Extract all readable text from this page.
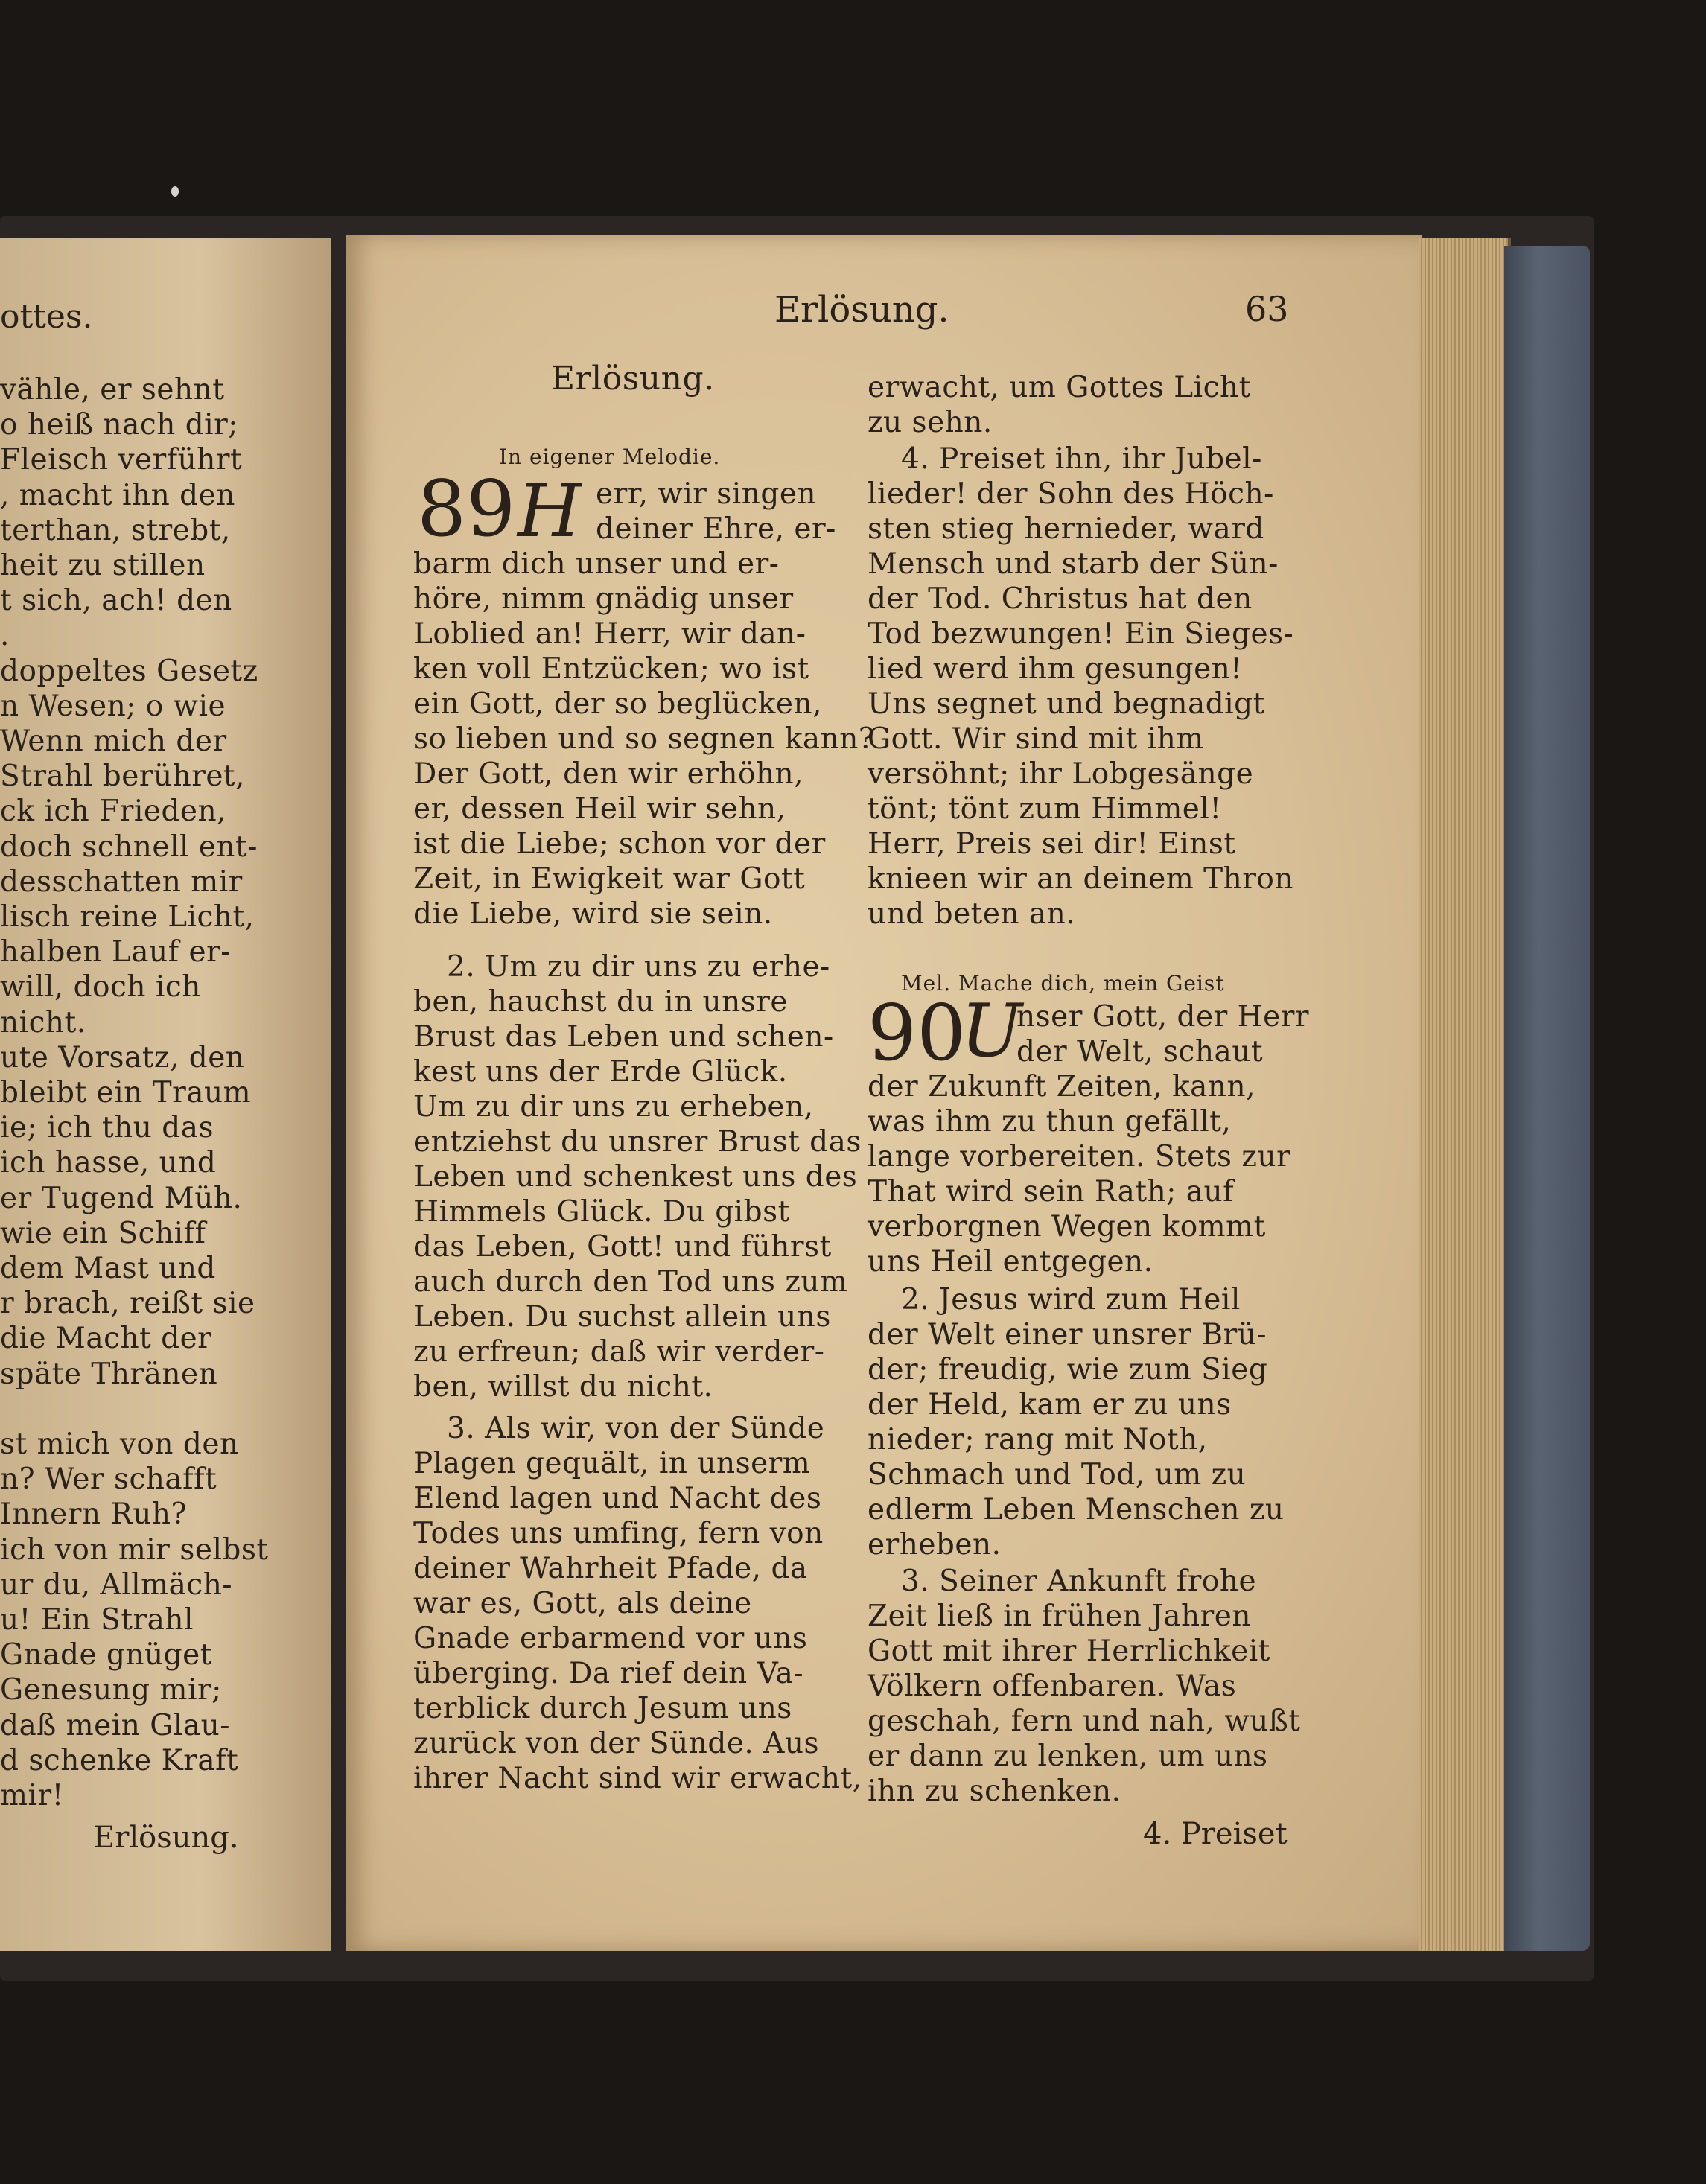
ottes.
vähle, er sehnt
o heiß nach dir;
Fleisch verführt
, macht ihn den
terthan, strebt,
heit zu stillen
t sich, ach! den
.
doppeltes Gesetz
n Wesen; o wie
Wenn mich der
Strahl berühret,
ck ich Frieden,
doch schnell ent-
desschatten mir
lisch reine Licht,
halben Lauf er-
will, doch ich
nicht.
ute Vorsatz, den
bleibt ein Traum
ie; ich thu das
ich hasse, und
er Tugend Müh.
wie ein Schiff
dem Mast und
r brach, reißt sie
die Macht der
späte Thränen
st mich von den
n? Wer schafft
Innern Ruh?
ich von mir selbst
ur du, Allmäch-
u! Ein Strahl
Gnade gnüget
Genesung mir;
daß mein Glau-
d schenke Kraft
mir!
Erlösung.
Erlösung.	63
Erlösung.
In eigener Melodie.
89 H err, wir singen
deiner Ehre, er-
barm dich unser und er-
höre, nimm gnädig unser
Loblied an! Herr, wir dan-
ken voll Entzücken; wo ist
ein Gott, der so beglücken,
so lieben und so segnen kann?
Der Gott, den wir erhöhn,
er, dessen Heil wir sehn,
ist die Liebe; schon vor der
Zeit, in Ewigkeit war Gott
die Liebe, wird sie sein.
2. Um zu dir uns zu erhe-
ben, hauchst du in unsre
Brust das Leben und schen-
kest uns der Erde Glück.
Um zu dir uns zu erheben,
entziehst du unsrer Brust das
Leben und schenkest uns des
Himmels Glück. Du gibst
das Leben, Gott! und führst
auch durch den Tod uns zum
Leben. Du suchst allein uns
zu erfreun; daß wir verder-
ben, willst du nicht.
3. Als wir, von der Sünde
Plagen gequält, in unserm
Elend lagen und Nacht des
Todes uns umfing, fern von
deiner Wahrheit Pfade, da
war es, Gott, als deine
Gnade erbarmend vor uns
überging. Da rief dein Va-
terblick durch Jesum uns
zurück von der Sünde. Aus
ihrer Nacht sind wir erwacht,
erwacht, um Gottes Licht
zu sehn.
4. Preiset ihn, ihr Jubel-
lieder! der Sohn des Höch-
sten stieg hernieder, ward
Mensch und starb der Sün-
der Tod. Christus hat den
Tod bezwungen! Ein Sieges-
lied werd ihm gesungen!
Uns segnet und begnadigt
Gott. Wir sind mit ihm
versöhnt; ihr Lobgesänge
tönt; tönt zum Himmel!
Herr, Preis sei dir! Einst
knieen wir an deinem Thron
und beten an.
Mel. Mache dich, mein Geist
90
U
nser Gott, der Herr
der Welt, schaut
der Zukunft Zeiten, kann,
was ihm zu thun gefällt,
lange vorbereiten. Stets zur
That wird sein Rath; auf
verborgnen Wegen kommt
uns Heil entgegen.
2. Jesus wird zum Heil
der Welt einer unsrer Brü-
der; freudig, wie zum Sieg
der Held, kam er zu uns
nieder; rang mit Noth,
Schmach und Tod, um zu
edlerm Leben Menschen zu
erheben.
3. Seiner Ankunft frohe
Zeit ließ in frühen Jahren
Gott mit ihrer Herrlichkeit
Völkern offenbaren. Was
geschah, fern und nah, wußt
er dann zu lenken, um uns
ihn zu schenken.
4. Preiset
